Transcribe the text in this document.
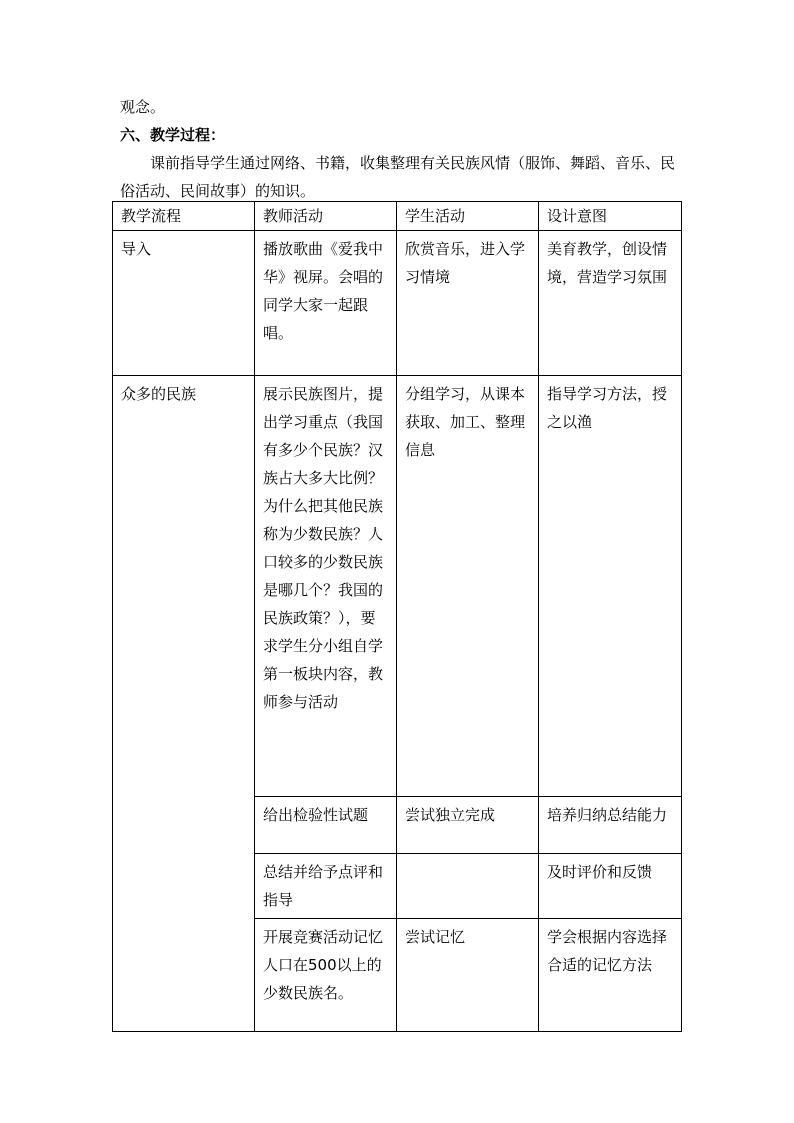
观念。

六、教学过程：

课前指导学生通过网络、书籍，收集整理有关民族风情（服饰、舞蹈、音乐、民俗活动、民间故事）的知识。

教学流程	教师活动	学生活动	设计意图
导入	播放歌曲《爱我中华》视屏。会唱的同学大家一起跟唱。	欣赏音乐，进入学习情境	美育教学，创设情境，营造学习氛围
众多的民族	展示民族图片，提出学习重点（我国有多少个民族？汉族占大多大比例？为什么把其他民族称为少数民族？人口较多的少数民族是哪几个？我国的民族政策？），要求学生分小组自学第一板块内容，教师参与活动	分组学习，从课本获取、加工、整理信息	指导学习方法，授之以渔
	给出检验性试题	尝试独立完成	培养归纳总结能力
	总结并给予点评和指导		及时评价和反馈
	开展竞赛活动记忆人口在500以上的少数民族名。	尝试记忆	学会根据内容选择合适的记忆方法
